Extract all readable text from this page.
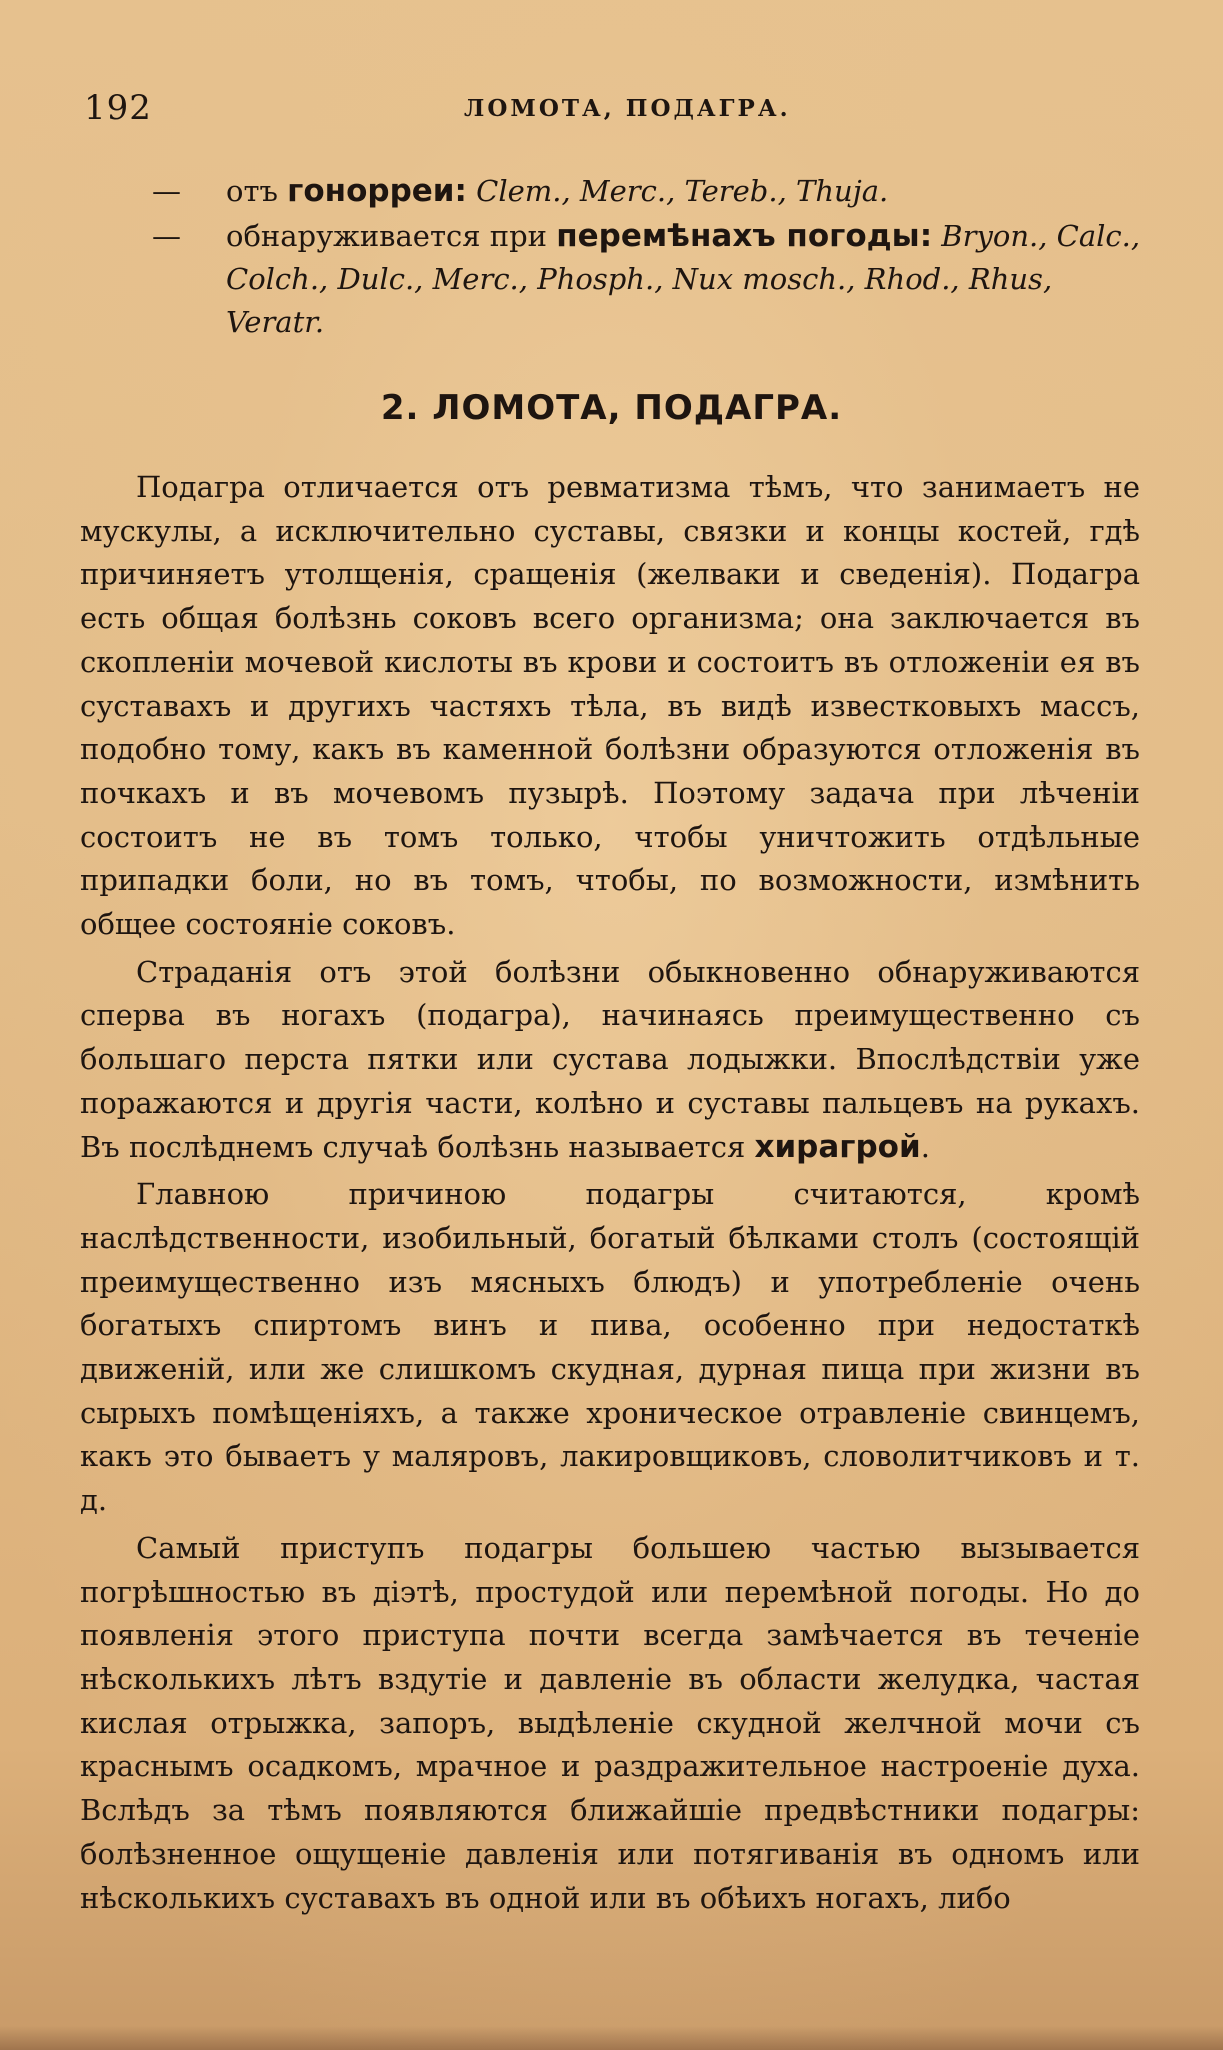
192	ЛОМОТА, ПОДАГРА.
— отъ гонорреи: Clem., Merc., Tereb., Thuja.
— обнаруживается при перемѣнахъ погоды: Bryon., Calc., Colch., Dulc., Merc., Phosph., Nux mosch., Rhod., Rhus, Veratr.
2. ЛОМОТА, ПОДАГРА.

Подагра отличается отъ ревматизма тѣмъ, что занимаетъ не мускулы, а исключительно суставы, связки и концы костей, гдѣ причиняетъ утолщенія, сращенія (желваки и сведенія). Подагра есть общая болѣзнь соковъ всего организма; она заключается въ скопленіи мочевой кислоты въ крови и состоитъ въ отложеніи ея въ суставахъ и другихъ частяхъ тѣла, въ видѣ известковыхъ массъ, подобно тому, какъ въ каменной болѣзни образуются отложенія въ почкахъ и въ мочевомъ пузырѣ. Поэтому задача при лѣченіи состоитъ не въ томъ только, чтобы уничтожить отдѣльные припадки боли, но въ томъ, чтобы, по возможности, измѣнить общее состояніе соковъ.

Страданія отъ этой болѣзни обыкновенно обнаруживаются сперва въ ногахъ (подагра), начинаясь преимущественно съ большаго перста пятки или сустава лодыжки. Впослѣдствіи уже поражаются и другія части, колѣно и суставы пальцевъ на рукахъ. Въ послѣднемъ случаѣ болѣзнь называется хирагрой.

Главною причиною подагры считаются, кромѣ наслѣдственности, изобильный, богатый бѣлками столъ (состоящій преимущественно изъ мясныхъ блюдъ) и употребленіе очень богатыхъ спиртомъ винъ и пива, особенно при недостаткѣ движеній, или же слишкомъ скудная, дурная пища при жизни въ сырыхъ помѣщеніяхъ, а также хроническое отравленіе свинцемъ, какъ это бываетъ у маляровъ, лакировщиковъ, словолитчиковъ и т. д.

Самый приступъ подагры большею частью вызывается погрѣшностью въ діэтѣ, простудой или перемѣной погоды. Но до появленія этого приступа почти всегда замѣчается въ теченіе нѣсколькихъ лѣтъ вздутіе и давленіе въ области желудка, частая кислая отрыжка, запоръ, выдѣленіе скудной желчной мочи съ краснымъ осадкомъ, мрачное и раздражительное настроеніе духа. Вслѣдъ за тѣмъ появляются ближайшіе предвѣстники подагры: болѣзненное ощущеніе давленія или потягиванія въ одномъ или нѣсколькихъ суставахъ въ одной или въ обѣихъ ногахъ, либо
